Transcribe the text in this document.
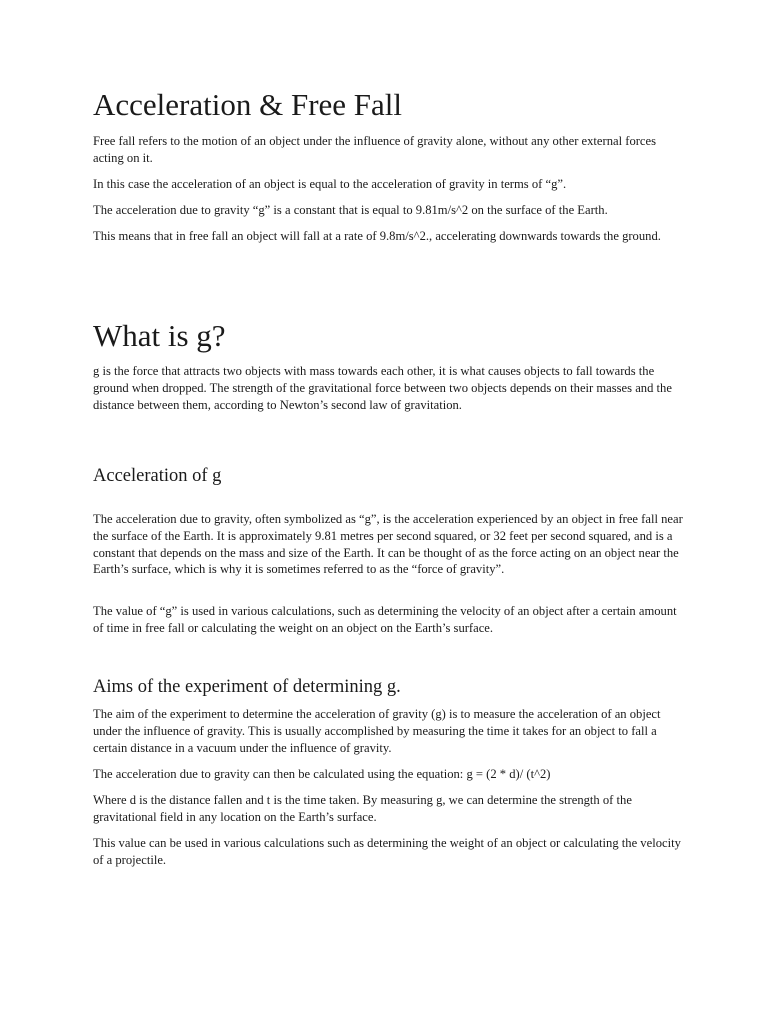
Acceleration & Free Fall

Free fall refers to the motion of an object under the influence of gravity alone, without any other external forces acting on it.

In this case the acceleration of an object is equal to the acceleration of gravity in terms of “g”.

The acceleration due to gravity “g” is a constant that is equal to 9.81m/s^2 on the surface of the Earth.

This means that in free fall an object will fall at a rate of 9.8m/s^2., accelerating downwards towards the ground.

What is g?

g is the force that attracts two objects with mass towards each other, it is what causes objects to fall towards the ground when dropped. The strength of the gravitational force between two objects depends on their masses and the distance between them, according to Newton’s second law of gravitation.

Acceleration of g

The acceleration due to gravity, often symbolized as “g”, is the acceleration experienced by an object in free fall near the surface of the Earth. It is approximately 9.81 metres per second squared, or 32 feet per second squared, and is a constant that depends on the mass and size of the Earth. It can be thought of as the force acting on an object near the Earth’s surface, which is why it is sometimes referred to as the “force of gravity”.

The value of “g” is used in various calculations, such as determining the velocity of an object after a certain amount of time in free fall or calculating the weight on an object on the Earth’s surface.

Aims of the experiment of determining g.

The aim of the experiment to determine the acceleration of gravity (g) is to measure the acceleration of an object under the influence of gravity. This is usually accomplished by measuring the time it takes for an object to fall a certain distance in a vacuum under the influence of gravity.

The acceleration due to gravity can then be calculated using the equation: g = (2 * d)/ (t^2)

Where d is the distance fallen and t is the time taken. By measuring g, we can determine the strength of the gravitational field in any location on the Earth’s surface.

This value can be used in various calculations such as determining the weight of an object or calculating the velocity of a projectile.
